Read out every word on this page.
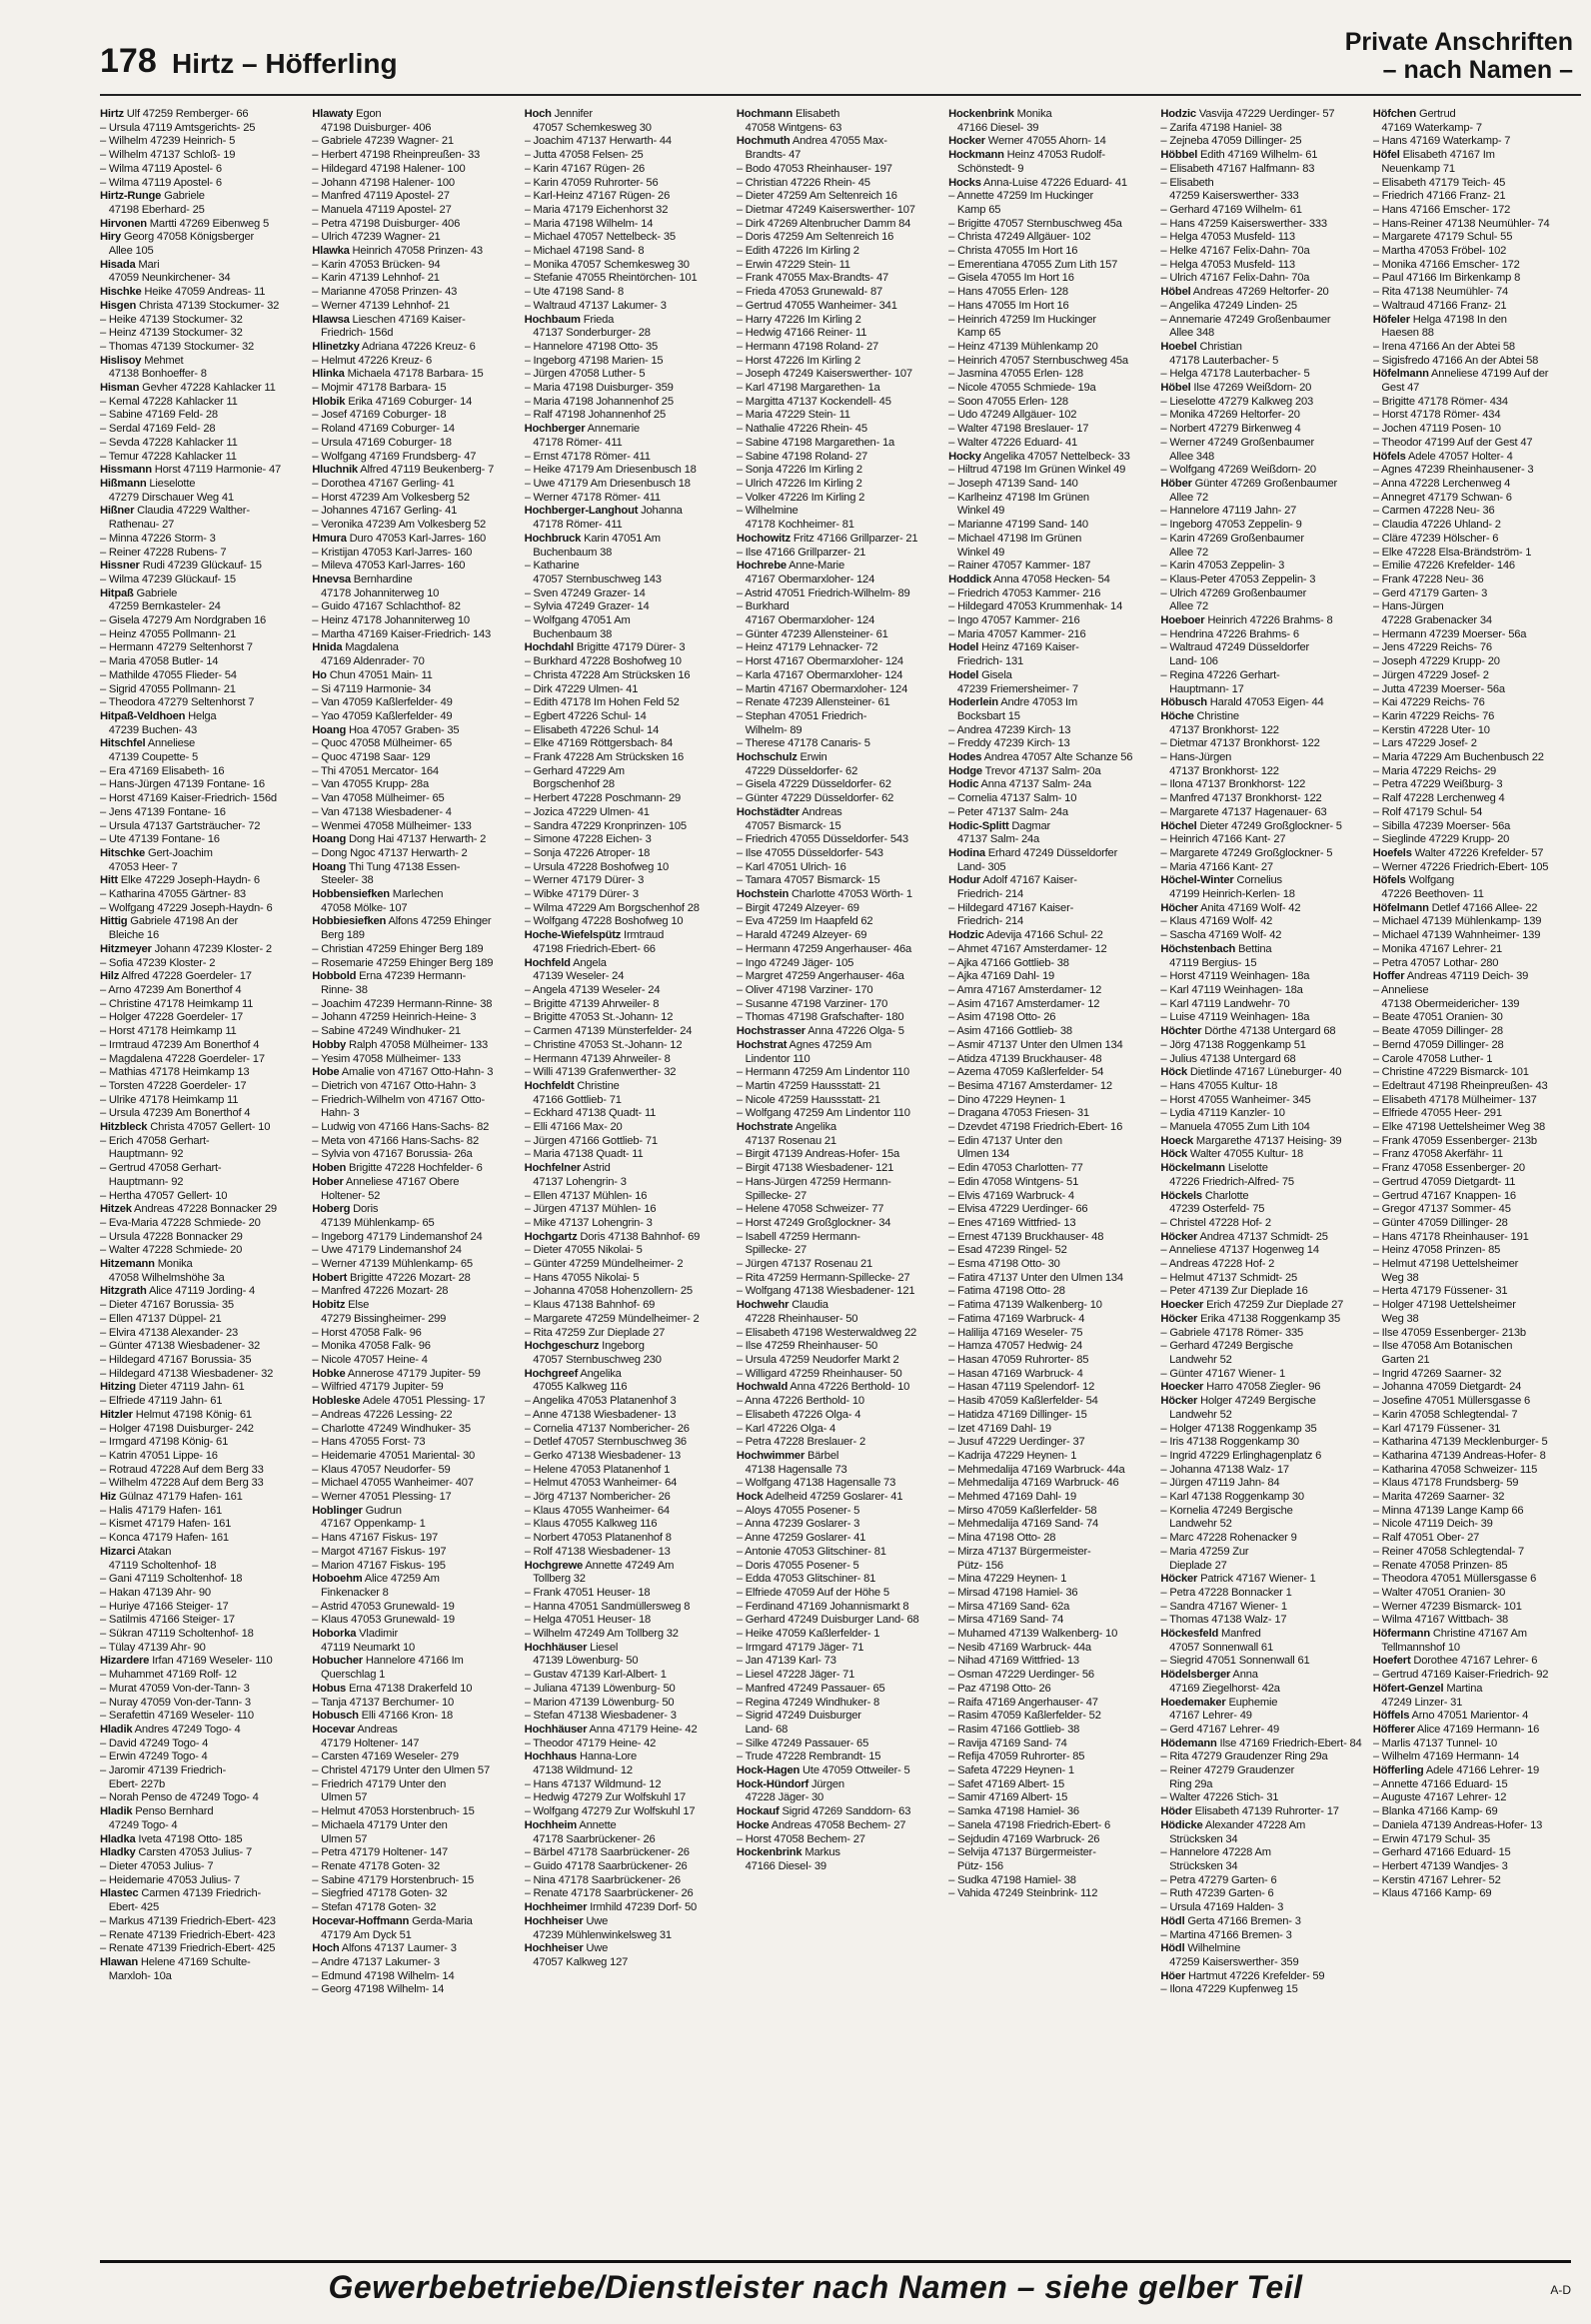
178 Hirtz – Höfferling
Private Anschriften
– nach Namen –
Hirtz Ulf 47259 Remberger- 66
– Ursula 47119 Amtsgerichts- 25
– Wilhelm 47239 Heinrich- 5
– Wilhelm 47137 Schloß- 19
– Wilma 47119 Apostel- 6
– Wilma 47119 Apostel- 6
Hirtz-Runge Gabriele
47198 Eberhard- 25
Hirvonen Martti 47269 Eibenweg 5
Hiry Georg 47058 Königsberger
Allee 105
Hisada Mari
47059 Neunkirchener- 34
Hischke Heike 47059 Andreas- 11
Hisgen Christa 47139 Stockumer- 32
– Heike 47139 Stockumer- 32
– Heinz 47139 Stockumer- 32
– Thomas 47139 Stockumer- 32
Hislisoy Mehmet
47138 Bonhoeffer- 8
Hisman Gevher 47228 Kahlacker 11
– Kemal 47228 Kahlacker 11
– Sabine 47169 Feld- 28
– Serdal 47169 Feld- 28
– Sevda 47228 Kahlacker 11
– Temur 47228 Kahlacker 11
Hissmann Horst 47119 Harmonie- 47
Hißmann Lieselotte
47279 Dirschauer Weg 41
Hißner Claudia 47229 Walther-
Rathenau- 27
– Minna 47226 Storm- 3
– Reiner 47228 Rubens- 7
Hissner Rudi 47239 Glückauf- 15
– Wilma 47239 Glückauf- 15
Hitpaß Gabriele
47259 Bernkasteler- 24
– Gisela 47279 Am Nordgraben 16
– Heinz 47055 Pollmann- 21
– Hermann 47279 Seltenhorst 7
– Maria 47058 Butler- 14
– Mathilde 47055 Flieder- 54
– Sigrid 47055 Pollmann- 21
– Theodora 47279 Seltenhorst 7
Hitpaß-Veldhoen Helga
47239 Buchen- 43
Hitschfel Anneliese
47139 Coupette- 5
– Era 47169 Elisabeth- 16
– Hans-Jürgen 47139 Fontane- 16
– Horst 47169 Kaiser-Friedrich- 156d
– Jens 47139 Fontane- 16
– Ursula 47137 Gartsträucher- 72
– Ute 47139 Fontane- 16
Hitschke Gert-Joachim
47053 Heer- 7
Hitt Elke 47229 Joseph-Haydn- 6
– Katharina 47055 Gärtner- 83
– Wolfgang 47229 Joseph-Haydn- 6
Hittig Gabriele 47198 An der
Bleiche 16
Hitzmeyer Johann 47239 Kloster- 2
– Sofia 47239 Kloster- 2
Hilz Alfred 47228 Goerdeler- 17
– Arno 47239 Am Bonerthof 4
– Christine 47178 Heimkamp 11
– Holger 47228 Goerdeler- 17
– Horst 47178 Heimkamp 11
– Irmtraud 47239 Am Bonerthof 4
– Magdalena 47228 Goerdeler- 17
– Mathias 47178 Heimkamp 13
– Torsten 47228 Goerdeler- 17
– Ulrike 47178 Heimkamp 11
– Ursula 47239 Am Bonerthof 4
Hitzbleck Christa 47057 Gellert- 10
– Erich 47058 Gerhart-
Hauptmann- 92
– Gertrud 47058 Gerhart-
Hauptmann- 92
– Hertha 47057 Gellert- 10
Hitzek Andreas 47228 Bonnacker 29
– Eva-Maria 47228 Schmiede- 20
– Ursula 47228 Bonnacker 29
– Walter 47228 Schmiede- 20
Hitzemann Monika
47058 Wilhelmshöhe 3a
Hitzgrath Alice 47119 Jording- 4
– Dieter 47167 Borussia- 35
– Ellen 47137 Düppel- 21
– Elvira 47138 Alexander- 23
– Günter 47138 Wiesbadener- 32
– Hildegard 47167 Borussia- 35
– Hildegard 47138 Wiesbadener- 32
Hitzing Dieter 47119 Jahn- 61
– Elfriede 47119 Jahn- 61
Hitzler Helmut 47198 König- 61
– Holger 47198 Duisburger- 242
– Irmgard 47198 König- 61
– Katrin 47051 Lippe- 16
– Rotraud 47228 Auf dem Berg 33
– Wilhelm 47228 Auf dem Berg 33
Hiz Gülnaz 47179 Hafen- 161
– Halis 47179 Hafen- 161
– Kismet 47179 Hafen- 161
– Konca 47179 Hafen- 161
Hizarci Atakan
47119 Scholtenhof- 18
– Gani 47119 Scholtenhof- 18
– Hakan 47139 Ahr- 90
– Huriye 47166 Steiger- 17
– Satilmis 47166 Steiger- 17
– Sükran 47119 Scholtenhof- 18
– Tülay 47139 Ahr- 90
Hizardere Irfan 47169 Weseler- 110
– Muhammet 47169 Rolf- 12
– Murat 47059 Von-der-Tann- 3
– Nuray 47059 Von-der-Tann- 3
– Serafettin 47169 Weseler- 110
Hladik Andres 47249 Togo- 4
– David 47249 Togo- 4
– Erwin 47249 Togo- 4
– Jaromir 47139 Friedrich-
Ebert- 227b
– Norah Penso de 47249 Togo- 4
Hladik Penso Bernhard
47249 Togo- 4
Hladka Iveta 47198 Otto- 185
Hladky Carsten 47053 Julius- 7
– Dieter 47053 Julius- 7
– Heidemarie 47053 Julius- 7
Hlastec Carmen 47139 Friedrich-
Ebert- 425
– Markus 47139 Friedrich-Ebert- 423
– Renate 47139 Friedrich-Ebert- 423
– Renate 47139 Friedrich-Ebert- 425
Hlawan Helene 47169 Schulte-
Marxloh- 10a
Hlawaty Egon
47198 Duisburger- 406
– Gabriele 47239 Wagner- 21
– Herbert 47198 Rheinpreußen- 33
– Hildegard 47198 Halener- 100
– Johann 47198 Halener- 100
– Manfred 47119 Apostel- 27
– Manuela 47119 Apostel- 27
– Petra 47198 Duisburger- 406
– Ulrich 47239 Wagner- 21
Hlawka Heinrich 47058 Prinzen- 43
– Karin 47053 Brücken- 94
– Karin 47139 Lehnhof- 21
– Marianne 47058 Prinzen- 43
– Werner 47139 Lehnhof- 21
Hlawsa Lieschen 47169 Kaiser-
Friedrich- 156d
Hlinetzky Adriana 47226 Kreuz- 6
– Helmut 47226 Kreuz- 6
Hlinka Michaela 47178 Barbara- 15
– Mojmir 47178 Barbara- 15
Hlobik Erika 47169 Coburger- 14
– Josef 47169 Coburger- 18
– Roland 47169 Coburger- 14
– Ursula 47169 Coburger- 18
– Wolfgang 47169 Frundsberg- 47
Hluchnik Alfred 47119 Beukenberg- 7
– Dorothea 47167 Gerling- 41
– Horst 47239 Am Volkesberg 52
– Johannes 47167 Gerling- 41
– Veronika 47239 Am Volkesberg 52
Hmura Duro 47053 Karl-Jarres- 160
– Kristijan 47053 Karl-Jarres- 160
– Mileva 47053 Karl-Jarres- 160
Hnevsa Bernhardine
47178 Johanniterweg 10
– Guido 47167 Schlachthof- 82
– Heinz 47178 Johanniterweg 10
– Martha 47169 Kaiser-Friedrich- 143
Hnida Magdalena
47169 Aldenrader- 70
Ho Chun 47051 Main- 11
– Si 47119 Harmonie- 34
– Van 47059 Kaßlerfelder- 49
– Yao 47059 Kaßlerfelder- 49
Hoang Hoa 47057 Graben- 35
– Quoc 47058 Mülheimer- 65
– Quoc 47198 Saar- 129
– Thi 47051 Mercator- 164
– Van 47055 Krupp- 28a
– Van 47058 Mülheimer- 65
– Van 47138 Wiesbadener- 4
– Wenmei 47058 Mülheimer- 133
Hoang Dong Hai 47137 Herwarth- 2
– Dong Ngoc 47137 Herwarth- 2
Hoang Thi Tung 47138 Essen-
Steeler- 38
Hobbensiefken Marlechen
47058 Mölke- 107
Hobbiesiefken Alfons 47259 Ehinger
Berg 189
– Christian 47259 Ehinger Berg 189
– Rosemarie 47259 Ehinger Berg 189
Hobbold Erna 47239 Hermann-
Rinne- 38
– Joachim 47239 Hermann-Rinne- 38
– Johann 47259 Heinrich-Heine- 3
– Sabine 47249 Windhuker- 21
Hobby Ralph 47058 Mülheimer- 133
– Yesim 47058 Mülheimer- 133
Hobe Amalie von 47167 Otto-Hahn- 3
– Dietrich von 47167 Otto-Hahn- 3
– Friedrich-Wilhelm von 47167 Otto-
Hahn- 3
– Ludwig von 47166 Hans-Sachs- 82
– Meta von 47166 Hans-Sachs- 82
– Sylvia von 47167 Borussia- 26a
Hoben Brigitte 47228 Hochfelder- 6
Hober Anneliese 47167 Obere
Holtener- 52
Hoberg Doris
47139 Mühlenkamp- 65
– Ingeborg 47179 Lindemanshof 24
– Uwe 47179 Lindemanshof 24
– Werner 47139 Mühlenkamp- 65
Hobert Brigitte 47226 Mozart- 28
– Manfred 47226 Mozart- 28
Hobitz Else
47279 Bissingheimer- 299
– Horst 47058 Falk- 96
– Monika 47058 Falk- 96
– Nicole 47057 Heine- 4
Hobke Annerose 47179 Jupiter- 59
– Wilfried 47179 Jupiter- 59
Hobleske Adele 47051 Plessing- 17
– Andreas 47226 Lessing- 22
– Charlotte 47249 Windhuker- 35
– Hans 47055 Forst- 73
– Heidemarie 47051 Mariental- 30
– Klaus 47057 Neudorfer- 59
– Michael 47055 Wanheimer- 407
– Werner 47051 Plessing- 17
Hoblinger Gudrun
47167 Oppenkamp- 1
– Hans 47167 Fiskus- 197
– Margot 47167 Fiskus- 197
– Marion 47167 Fiskus- 195
Hoboehm Alice 47259 Am
Finkenacker 8
– Astrid 47053 Grunewald- 19
– Klaus 47053 Grunewald- 19
Hoborka Vladimir
47119 Neumarkt 10
Hobucher Hannelore 47166 Im
Querschlag 1
Hobus Erna 47138 Drakerfeld 10
– Tanja 47137 Berchumer- 10
Hobusch Elli 47166 Kron- 18
Hocevar Andreas
47179 Holtener- 147
– Carsten 47169 Weseler- 279
– Christel 47179 Unter den Ulmen 57
– Friedrich 47179 Unter den
Ulmen 57
– Helmut 47053 Horstenbruch- 15
– Michaela 47179 Unter den
Ulmen 57
– Petra 47179 Holtener- 147
– Renate 47178 Goten- 32
– Sabine 47179 Horstenbruch- 15
– Siegfried 47178 Goten- 32
– Stefan 47178 Goten- 32
Hocevar-Hoffmann Gerda-Maria
47179 Am Dyck 51
Hoch Alfons 47137 Laumer- 3
– Andre 47137 Lakumer- 3
– Edmund 47198 Wilhelm- 14
– Georg 47198 Wilhelm- 14
Hoch Jennifer
47057 Schemkesweg 30
– Joachim 47137 Herwarth- 44
– Jutta 47058 Felsen- 25
– Karin 47167 Rügen- 26
– Karin 47059 Ruhrorter- 56
– Karl-Heinz 47167 Rügen- 26
– Maria 47179 Eichenhorst 32
– Maria 47198 Wilhelm- 14
– Michael 47057 Nettelbeck- 35
– Michael 47198 Sand- 8
– Monika 47057 Schemkesweg 30
– Stefanie 47055 Rheintörchen- 101
– Ute 47198 Sand- 8
– Waltraud 47137 Lakumer- 3
Hochbaum Frieda
47137 Sonderburger- 28
– Hannelore 47198 Otto- 35
– Ingeborg 47198 Marien- 15
– Jürgen 47058 Luther- 5
– Maria 47198 Duisburger- 359
– Maria 47198 Johannenhof 25
– Ralf 47198 Johannenhof 25
Hochberger Annemarie
47178 Römer- 411
– Ernst 47178 Römer- 411
– Heike 47179 Am Driesenbusch 18
– Uwe 47179 Am Driesenbusch 18
– Werner 47178 Römer- 411
Hochberger-Langhout Johanna
47178 Römer- 411
Hochbruck Karin 47051 Am
Buchenbaum 38
– Katharine
47057 Sternbuschweg 143
– Sven 47249 Grazer- 14
– Sylvia 47249 Grazer- 14
– Wolfgang 47051 Am
Buchenbaum 38
Hochdahl Brigitte 47179 Dürer- 3
– Burkhard 47228 Boshofweg 10
– Christa 47228 Am Strücksken 16
– Dirk 47229 Ulmen- 41
– Edith 47178 Im Hohen Feld 52
– Egbert 47226 Schul- 14
– Elisabeth 47226 Schul- 14
– Elke 47169 Röttgersbach- 84
– Frank 47228 Am Strücksken 16
– Gerhard 47229 Am
Borgschenhof 28
– Herbert 47228 Poschmann- 29
– Jozica 47229 Ulmen- 41
– Sandra 47229 Kronprinzen- 105
– Simone 47228 Eichen- 3
– Sonja 47226 Atroper- 18
– Ursula 47228 Boshofweg 10
– Werner 47179 Dürer- 3
– Wibke 47179 Dürer- 3
– Wilma 47229 Am Borgschenhof 28
– Wolfgang 47228 Boshofweg 10
Hoche-Wiefelspütz Irmtraud
47198 Friedrich-Ebert- 66
Hochfeld Angela
47139 Weseler- 24
– Angela 47139 Weseler- 24
– Brigitte 47139 Ahrweiler- 8
– Brigitte 47053 St.-Johann- 12
– Carmen 47139 Münsterfelder- 24
– Christine 47053 St.-Johann- 12
– Hermann 47139 Ahrweiler- 8
– Willi 47139 Grafenwerther- 32
Hochfeldt Christine
47166 Gottlieb- 71
– Eckhard 47138 Quadt- 11
– Elli 47166 Max- 20
– Jürgen 47166 Gottlieb- 71
– Maria 47138 Quadt- 11
Hochfelner Astrid
47137 Lohengrin- 3
– Ellen 47137 Mühlen- 16
– Jürgen 47137 Mühlen- 16
– Mike 47137 Lohengrin- 3
Hochgartz Doris 47138 Bahnhof- 69
– Dieter 47055 Nikolai- 5
– Günter 47259 Mündelheimer- 2
– Hans 47055 Nikolai- 5
– Johanna 47058 Hohenzollern- 25
– Klaus 47138 Bahnhof- 69
– Margarete 47259 Mündelheimer- 2
– Rita 47259 Zur Dieplade 27
Hochgeschurz Ingeborg
47057 Sternbuschweg 230
Hochgreef Angelika
47055 Kalkweg 116
– Angelika 47053 Platanenhof 3
– Anne 47138 Wiesbadener- 13
– Cornelia 47137 Nombericher- 26
– Detlef 47057 Sternbuschweg 36
– Gerko 47138 Wiesbadener- 13
– Helene 47053 Platanenhof 1
– Helmut 47053 Wanheimer- 64
– Jörg 47137 Nombericher- 26
– Klaus 47055 Wanheimer- 64
– Klaus 47055 Kalkweg 116
– Norbert 47053 Platanenhof 8
– Rolf 47138 Wiesbadener- 13
Hochgrewe Annette 47249 Am
Tollberg 32
– Frank 47051 Heuser- 18
– Hanna 47051 Sandmüllersweg 8
– Helga 47051 Heuser- 18
– Wilhelm 47249 Am Tollberg 32
Hochhäuser Liesel
47139 Löwenburg- 50
– Gustav 47139 Karl-Albert- 1
– Juliana 47139 Löwenburg- 50
– Marion 47139 Löwenburg- 50
– Stefan 47138 Wiesbadener- 3
Hochhäuser Anna 47179 Heine- 42
– Theodor 47179 Heine- 42
Hochhaus Hanna-Lore
47138 Wildmund- 12
– Hans 47137 Wildmund- 12
– Hedwig 47279 Zur Wolfskuhl 17
– Wolfgang 47279 Zur Wolfskuhl 17
Hochheim Annette
47178 Saarbrückener- 26
– Bärbel 47178 Saarbrückener- 26
– Guido 47178 Saarbrückener- 26
– Nina 47178 Saarbrückener- 26
– Renate 47178 Saarbrückener- 26
Hochheimer Irmhild 47239 Dorf- 50
Hochheiser Uwe
47239 Mühlenwinkelsweg 31
Hochheiser Uwe
47057 Kalkweg 127
Hochmann Elisabeth
47058 Wintgens- 63
Hochmuth Andrea 47055 Max-
Brandts- 47
– Bodo 47053 Rheinhauser- 197
– Christian 47226 Rhein- 45
– Dieter 47259 Am Seltenreich 16
– Dietmar 47249 Kaiserswerther- 107
– Dirk 47269 Altenbrucher Damm 84
– Doris 47259 Am Seltenreich 16
– Edith 47226 Im Kirling 2
– Erwin 47229 Stein- 11
– Frank 47055 Max-Brandts- 47
– Frieda 47053 Grunewald- 87
– Gertrud 47055 Wanheimer- 341
– Harry 47226 Im Kirling 2
– Hedwig 47166 Reiner- 11
– Hermann 47198 Roland- 27
– Horst 47226 Im Kirling 2
– Joseph 47249 Kaiserswerther- 107
– Karl 47198 Margarethen- 1a
– Margitta 47137 Kockendell- 45
– Maria 47229 Stein- 11
– Nathalie 47226 Rhein- 45
– Sabine 47198 Margarethen- 1a
– Sabine 47198 Roland- 27
– Sonja 47226 Im Kirling 2
– Ulrich 47226 Im Kirling 2
– Volker 47226 Im Kirling 2
– Wilhelmine
47178 Kochheimer- 81
Hochowitz Fritz 47166 Grillparzer- 21
– Ilse 47166 Grillparzer- 21
Hochrebe Anne-Marie
47167 Obermarxloher- 124
– Astrid 47051 Friedrich-Wilhelm- 89
– Burkhard
47167 Obermarxloher- 124
– Günter 47239 Allensteiner- 61
– Heinz 47179 Lehnacker- 72
– Horst 47167 Obermarxloher- 124
– Karla 47167 Obermarxloher- 124
– Martin 47167 Obermarxloher- 124
– Renate 47239 Allensteiner- 61
– Stephan 47051 Friedrich-
Wilhelm- 89
– Therese 47178 Canaris- 5
Hochschulz Erwin
47229 Düsseldorfer- 62
– Gisela 47229 Düsseldorfer- 62
– Günter 47229 Düsseldorfer- 62
Hochstädter Andreas
47057 Bismarck- 15
– Friedrich 47055 Düsseldorfer- 543
– Ilse 47055 Düsseldorfer- 543
– Karl 47051 Ulrich- 16
– Tamara 47057 Bismarck- 15
Hochstein Charlotte 47053 Wörth- 1
– Birgit 47249 Alzeyer- 69
– Eva 47259 Im Haapfeld 62
– Harald 47249 Alzeyer- 69
– Hermann 47259 Angerhauser- 46a
– Ingo 47249 Jäger- 105
– Margret 47259 Angerhauser- 46a
– Oliver 47198 Varziner- 170
– Susanne 47198 Varziner- 170
– Thomas 47198 Grafschafter- 180
Hochstrasser Anna 47226 Olga- 5
Hochstrat Agnes 47259 Am
Lindentor 110
– Hermann 47259 Am Lindentor 110
– Martin 47259 Haussstatt- 21
– Nicole 47259 Haussstatt- 21
– Wolfgang 47259 Am Lindentor 110
Hochstrate Angelika
47137 Rosenau 21
– Birgit 47139 Andreas-Hofer- 15a
– Birgit 47138 Wiesbadener- 121
– Hans-Jürgen 47259 Hermann-
Spillecke- 27
– Helene 47058 Schweizer- 77
– Horst 47249 Großglockner- 34
– Isabell 47259 Hermann-
Spillecke- 27
– Jürgen 47137 Rosenau 21
– Rita 47259 Hermann-Spillecke- 27
– Wolfgang 47138 Wiesbadener- 121
Hochwehr Claudia
47228 Rheinhauser- 50
– Elisabeth 47198 Westerwaldweg 22
– Ilse 47259 Rheinhauser- 50
– Ursula 47259 Neudorfer Markt 2
– Willigard 47259 Rheinhauser- 50
Hochwald Anna 47226 Berthold- 10
– Anna 47226 Berthold- 10
– Elisabeth 47226 Olga- 4
– Karl 47226 Olga- 4
– Petra 47228 Breslauer- 2
Hochwimmer Bärbel
47138 Hagensalle 73
– Wolfgang 47138 Hagensalle 73
Hock Adelheid 47259 Goslarer- 41
– Aloys 47055 Posener- 5
– Anna 47239 Goslarer- 3
– Anne 47259 Goslarer- 41
– Antonie 47053 Glitschiner- 81
– Doris 47055 Posener- 5
– Edda 47053 Glitschiner- 81
– Elfriede 47059 Auf der Höhe 5
– Ferdinand 47169 Johannismarkt 8
– Gerhard 47249 Duisburger Land- 68
– Heike 47059 Kaßlerfelder- 1
– Irmgard 47179 Jäger- 71
– Jan 47139 Karl- 73
– Liesel 47228 Jäger- 71
– Manfred 47249 Passauer- 65
– Regina 47249 Windhuker- 8
– Sigrid 47249 Duisburger
Land- 68
– Silke 47249 Passauer- 65
– Trude 47228 Rembrandt- 15
Hock-Hagen Ute 47059 Ottweiler- 5
Hock-Hündorf Jürgen
47228 Jäger- 30
Hockauf Sigrid 47269 Sanddorn- 63
Hocke Andreas 47058 Bechem- 27
– Horst 47058 Bechem- 27
Hockenbrink Markus
47166 Diesel- 39
Hockenbrink Monika
47166 Diesel- 39
Hocker Werner 47055 Ahorn- 14
Hockmann Heinz 47053 Rudolf-
Schönstedt- 9
Hocks Anna-Luise 47226 Eduard- 41
– Annette 47259 Im Huckinger
Kamp 65
– Brigitte 47057 Sternbuschweg 45a
– Christa 47249 Allgäuer- 102
– Christa 47055 Im Hort 16
– Emerentiana 47055 Zum Lith 157
– Gisela 47055 Im Hort 16
– Hans 47055 Erlen- 128
– Hans 47055 Im Hort 16
– Heinrich 47259 Im Huckinger
Kamp 65
– Heinz 47139 Mühlenkamp 20
– Heinrich 47057 Sternbuschweg 45a
– Jasmina 47055 Erlen- 128
– Nicole 47055 Schmiede- 19a
– Soon 47055 Erlen- 128
– Udo 47249 Allgäuer- 102
– Walter 47198 Breslauer- 17
– Walter 47226 Eduard- 41
Hocky Angelika 47057 Nettelbeck- 33
– Hiltrud 47198 Im Grünen Winkel 49
– Joseph 47139 Sand- 140
– Karlheinz 47198 Im Grünen
Winkel 49
– Marianne 47199 Sand- 140
– Michael 47198 Im Grünen
Winkel 49
– Rainer 47057 Kammer- 187
Hoddick Anna 47058 Hecken- 54
– Friedrich 47053 Kammer- 216
– Hildegard 47053 Krummenhak- 14
– Ingo 47057 Kammer- 216
– Maria 47057 Kammer- 216
Hodel Heinz 47169 Kaiser-
Friedrich- 131
Hodel Gisela
47239 Friemersheimer- 7
Hoderlein Andre 47053 Im
Bocksbart 15
– Andrea 47239 Kirch- 13
– Freddy 47239 Kirch- 13
Hodes Andrea 47057 Alte Schanze 56
Hodge Trevor 47137 Salm- 20a
Hodic Anna 47137 Salm- 24a
– Cornelia 47137 Salm- 10
– Peter 47137 Salm- 24a
Hodic-Splitt Dagmar
47137 Salm- 24a
Hodina Erhard 47249 Düsseldorfer
Land- 305
Hodur Adolf 47167 Kaiser-
Friedrich- 214
– Hildegard 47167 Kaiser-
Friedrich- 214
Hodzic Adevija 47166 Schul- 22
– Ahmet 47167 Amsterdamer- 12
– Ajka 47166 Gottlieb- 38
– Ajka 47169 Dahl- 19
– Amra 47167 Amsterdamer- 12
– Asim 47167 Amsterdamer- 12
– Asim 47198 Otto- 26
– Asim 47166 Gottlieb- 38
– Asmir 47137 Unter den Ulmen 134
– Atidza 47139 Bruckhauser- 48
– Azema 47059 Kaßlerfelder- 54
– Besima 47167 Amsterdamer- 12
– Dino 47229 Heynen- 1
– Dragana 47053 Friesen- 31
– Dzevdet 47198 Friedrich-Ebert- 16
– Edin 47137 Unter den
Ulmen 134
– Edin 47053 Charlotten- 77
– Edin 47058 Wintgens- 51
– Elvis 47169 Warbruck- 4
– Elvisa 47229 Uerdinger- 66
– Enes 47169 Wittfried- 13
– Ernest 47139 Bruckhauser- 48
– Esad 47239 Ringel- 52
– Esma 47198 Otto- 30
– Fatira 47137 Unter den Ulmen 134
– Fatima 47198 Otto- 28
– Fatima 47139 Walkenberg- 10
– Fatima 47169 Warbruck- 4
– Halilija 47169 Weseler- 75
– Hamza 47057 Hedwig- 24
– Hasan 47059 Ruhrorter- 85
– Hasan 47169 Warbruck- 4
– Hasan 47119 Spelendorf- 12
– Hasib 47059 Kaßlerfelder- 54
– Hatidza 47169 Dillinger- 15
– Izet 47169 Dahl- 19
– Jusuf 47229 Uerdinger- 37
– Kadrija 47229 Heynen- 1
– Mehmedalija 47169 Warbruck- 44a
– Mehmedalija 47169 Warbruck- 46
– Mehmed 47169 Dahl- 19
– Mirso 47059 Kaßlerfelder- 58
– Mehmedalija 47169 Sand- 74
– Mina 47198 Otto- 28
– Mirza 47137 Bürgermeister-
Pütz- 156
– Mina 47229 Heynen- 1
– Mirsad 47198 Hamiel- 36
– Mirsa 47169 Sand- 62a
– Mirsa 47169 Sand- 74
– Muhamed 47139 Walkenberg- 10
– Nesib 47169 Warbruck- 44a
– Nihad 47169 Wittfried- 13
– Osman 47229 Uerdinger- 56
– Paz 47198 Otto- 26
– Raifa 47169 Angerhauser- 47
– Rasim 47059 Kaßlerfelder- 52
– Rasim 47166 Gottlieb- 38
– Ravija 47169 Sand- 74
– Refija 47059 Ruhrorter- 85
– Safeta 47229 Heynen- 1
– Safet 47169 Albert- 15
– Samir 47169 Albert- 15
– Samka 47198 Hamiel- 36
– Sanela 47198 Friedrich-Ebert- 6
– Sejdudin 47169 Warbruck- 26
– Selvija 47137 Bürgermeister-
Pütz- 156
– Sudka 47198 Hamiel- 38
– Vahida 47249 Steinbrink- 112
Hodzic Vasvija 47229 Uerdinger- 57
– Zarifa 47198 Haniel- 38
– Zejneba 47059 Dillinger- 25
Höbbel Edith 47169 Wilhelm- 61
– Elisabeth 47167 Halfmann- 83
– Elisabeth
47259 Kaiserswerther- 333
– Gerhard 47169 Wilhelm- 61
– Hans 47259 Kaiserswerther- 333
– Helga 47053 Musfeld- 113
– Helke 47167 Felix-Dahn- 70a
– Helga 47053 Musfeld- 113
– Ulrich 47167 Felix-Dahn- 70a
Höbel Andreas 47269 Heltorfer- 20
– Angelika 47249 Linden- 25
– Annemarie 47249 Großenbaumer
Allee 348
Hoebel Christian
47178 Lauterbacher- 5
– Helga 47178 Lauterbacher- 5
Höbel Ilse 47269 Weißdorn- 20
– Lieselotte 47279 Kalkweg 203
– Monika 47269 Heltorfer- 20
– Norbert 47279 Birkenweg 4
– Werner 47249 Großenbaumer
Allee 348
– Wolfgang 47269 Weißdorn- 20
Höber Günter 47269 Großenbaumer
Allee 72
– Hannelore 47119 Jahn- 27
– Ingeborg 47053 Zeppelin- 9
– Karin 47269 Großenbaumer
Allee 72
– Karin 47053 Zeppelin- 3
– Klaus-Peter 47053 Zeppelin- 3
– Ulrich 47269 Großenbaumer
Allee 72
Hoeboer Heinrich 47226 Brahms- 8
– Hendrina 47226 Brahms- 6
– Waltraud 47249 Düsseldorfer
Land- 106
– Regina 47226 Gerhart-
Hauptmann- 17
Höbusch Harald 47053 Eigen- 44
Höche Christine
47137 Bronkhorst- 122
– Dietmar 47137 Bronkhorst- 122
– Hans-Jürgen
47137 Bronkhorst- 122
– Ilona 47137 Bronkhorst- 122
– Manfred 47137 Bronkhorst- 122
– Margarete 47137 Hagenauer- 63
Höchel Dieter 47249 Großglockner- 5
– Heinrich 47166 Kant- 27
– Margarete 47249 Großglockner- 5
– Maria 47166 Kant- 27
Höchel-Winter Cornelius
47199 Heinrich-Kerlen- 18
Höcher Anita 47169 Wolf- 42
– Klaus 47169 Wolf- 42
– Sascha 47169 Wolf- 42
Höchstenbach Bettina
47119 Bergius- 15
– Horst 47119 Weinhagen- 18a
– Karl 47119 Weinhagen- 18a
– Karl 47119 Landwehr- 70
– Luise 47119 Weinhagen- 18a
Höchter Dörthe 47138 Untergard 68
– Jörg 47138 Roggenkamp 51
– Julius 47138 Untergard 68
Höck Dietlinde 47167 Lüneburger- 40
– Hans 47055 Kultur- 18
– Horst 47055 Wanheimer- 345
– Lydia 47119 Kanzler- 10
– Manuela 47055 Zum Lith 104
Hoeck Margarethe 47137 Heising- 39
Höck Walter 47055 Kultur- 18
Höckelmann Liselotte
47226 Friedrich-Alfred- 75
Höckels Charlotte
47239 Osterfeld- 75
– Christel 47228 Hof- 2
Höcker Andrea 47137 Schmidt- 25
– Anneliese 47137 Hogenweg 14
– Andreas 47228 Hof- 2
– Helmut 47137 Schmidt- 25
– Peter 47139 Zur Dieplade 16
Hoecker Erich 47259 Zur Dieplade 27
Höcker Erika 47138 Roggenkamp 35
– Gabriele 47178 Römer- 335
– Gerhard 47249 Bergische
Landwehr 52
– Günter 47167 Wiener- 1
Hoecker Harro 47058 Ziegler- 96
Höcker Holger 47249 Bergische
Landwehr 52
– Holger 47138 Roggenkamp 35
– Iris 47138 Roggenkamp 30
– Ingrid 47229 Erlinghagenplatz 6
– Johanna 47138 Walz- 17
– Jürgen 47119 Jahn- 84
– Karl 47138 Roggenkamp 30
– Kornelia 47249 Bergische
Landwehr 52
– Marc 47228 Rohenacker 9
– Maria 47259 Zur
Dieplade 27
Höcker Patrick 47167 Wiener- 1
– Petra 47228 Bonnacker 1
– Sandra 47167 Wiener- 1
– Thomas 47138 Walz- 17
Höckesfeld Manfred
47057 Sonnenwall 61
– Siegrid 47051 Sonnenwall 61
Hödelsberger Anna
47169 Ziegelhorst- 42a
Hoedemaker Euphemie
47167 Lehrer- 49
– Gerd 47167 Lehrer- 49
Hödemann Ilse 47169 Friedrich-Ebert- 84
– Rita 47279 Graudenzer Ring 29a
– Reiner 47279 Graudenzer
Ring 29a
– Walter 47226 Stich- 31
Höder Elisabeth 47139 Ruhrorter- 17
Hödicke Alexander 47228 Am
Strücksken 34
– Hannelore 47228 Am
Strücksken 34
– Petra 47279 Garten- 6
– Ruth 47239 Garten- 6
– Ursula 47169 Halden- 3
Hödl Gerta 47166 Bremen- 3
– Martina 47166 Bremen- 3
Hödl Wilhelmine
47259 Kaiserswerther- 359
Höer Hartmut 47226 Krefelder- 59
– Ilona 47229 Kupfenweg 15
Höfchen Gertrud
47169 Waterkamp- 7
– Hans 47169 Waterkamp- 7
Höfel Elisabeth 47167 Im
Neuenkamp 71
– Elisabeth 47179 Teich- 45
– Friedrich 47166 Franz- 21
– Hans 47166 Emscher- 172
– Hans-Reiner 47138 Neumühler- 74
– Margarete 47179 Schul- 55
– Martha 47053 Fröbel- 102
– Monika 47166 Emscher- 172
– Paul 47166 Im Birkenkamp 8
– Rita 47138 Neumühler- 74
– Waltraud 47166 Franz- 21
Höfeler Helga 47198 In den
Haesen 88
– Irena 47166 An der Abtei 58
– Sigisfredo 47166 An der Abtei 58
Höfelmann Anneliese 47199 Auf der
Gest 47
– Brigitte 47178 Römer- 434
– Horst 47178 Römer- 434
– Jochen 47119 Posen- 10
– Theodor 47199 Auf der Gest 47
Höfels Adele 47057 Holter- 4
– Agnes 47239 Rheinhausener- 3
– Anna 47228 Lerchenweg 4
– Annegret 47179 Schwan- 6
– Carmen 47228 Neu- 36
– Claudia 47226 Uhland- 2
– Cläre 47239 Hölscher- 6
– Elke 47228 Elsa-Brändström- 1
– Emilie 47226 Krefelder- 146
– Frank 47228 Neu- 36
– Gerd 47179 Garten- 3
– Hans-Jürgen
47228 Grabenacker 34
– Hermann 47239 Moerser- 56a
– Jens 47229 Reichs- 76
– Joseph 47229 Krupp- 20
– Jürgen 47229 Josef- 2
– Jutta 47239 Moerser- 56a
– Kai 47229 Reichs- 76
– Karin 47229 Reichs- 76
– Kerstin 47228 Uter- 10
– Lars 47229 Josef- 2
– Maria 47229 Am Buchenbusch 22
– Maria 47229 Reichs- 29
– Petra 47229 Weißburg- 3
– Ralf 47228 Lerchenweg 4
– Rolf 47179 Schul- 54
– Sibilla 47239 Moerser- 56a
– Sieglinde 47229 Krupp- 20
Hoefels Walter 47226 Krefelder- 57
– Werner 47226 Friedrich-Ebert- 105
Höfels Wolfgang
47226 Beethoven- 11
Höfelmann Detlef 47166 Allee- 22
– Michael 47139 Mühlenkamp- 139
– Michael 47139 Wahnheimer- 139
– Monika 47167 Lehrer- 21
– Petra 47057 Lothar- 280
Hoffer Andreas 47119 Deich- 39
– Anneliese
47138 Obermeidericher- 139
– Beate 47051 Oranien- 30
– Beate 47059 Dillinger- 28
– Bernd 47059 Dillinger- 28
– Carole 47058 Luther- 1
– Christine 47229 Bismarck- 101
– Edeltraut 47198 Rheinpreußen- 43
– Elisabeth 47178 Mülheimer- 137
– Elfriede 47055 Heer- 291
– Elke 47198 Uettelsheimer Weg 38
– Frank 47059 Essenberger- 213b
– Franz 47058 Akerfähr- 11
– Franz 47058 Essenberger- 20
– Gertrud 47059 Dietgardt- 11
– Gertrud 47167 Knappen- 16
– Gregor 47137 Sommer- 45
– Günter 47059 Dillinger- 28
– Hans 47178 Rheinhauser- 191
– Heinz 47058 Prinzen- 85
– Helmut 47198 Uettelsheimer
Weg 38
– Herta 47179 Füssener- 31
– Holger 47198 Uettelsheimer
Weg 38
– Ilse 47059 Essenberger- 213b
– Ilse 47058 Am Botanischen
Garten 21
– Ingrid 47269 Saarner- 32
– Johanna 47059 Dietgardt- 24
– Josefine 47051 Müllersgasse 6
– Karin 47058 Schlegtendal- 7
– Karl 47179 Füssener- 31
– Katharina 47139 Mecklenburger- 5
– Katharina 47139 Andreas-Hofer- 8
– Katharina 47058 Schweizer- 115
– Klaus 47178 Frundsberg- 59
– Marita 47269 Saarner- 32
– Minna 47139 Lange Kamp 66
– Nicole 47119 Deich- 39
– Ralf 47051 Ober- 27
– Reiner 47058 Schlegtendal- 7
– Renate 47058 Prinzen- 85
– Theodora 47051 Müllersgasse 6
– Walter 47051 Oranien- 30
– Werner 47239 Bismarck- 101
– Wilma 47167 Wittbach- 38
Höfermann Christine 47167 Am
Tellmannshof 10
Hoefert Dorothee 47167 Lehrer- 6
– Gertrud 47169 Kaiser-Friedrich- 92
Höfert-Genzel Martina
47249 Linzer- 31
Höffels Arno 47051 Marientor- 4
Höfferer Alice 47169 Hermann- 16
– Marlis 47137 Tunnel- 10
– Wilhelm 47169 Hermann- 14
Höfferling Adele 47166 Lehrer- 19
– Annette 47166 Eduard- 15
– Auguste 47167 Lehrer- 12
– Blanka 47166 Kamp- 69
– Daniela 47139 Andreas-Hofer- 13
– Erwin 47179 Schul- 35
– Gerhard 47166 Eduard- 15
– Herbert 47139 Wandjes- 3
– Kerstin 47167 Lehrer- 52
– Klaus 47166 Kamp- 69
Gewerbebetriebe/Dienstleister nach Namen – siehe gelber Teil	A-D
